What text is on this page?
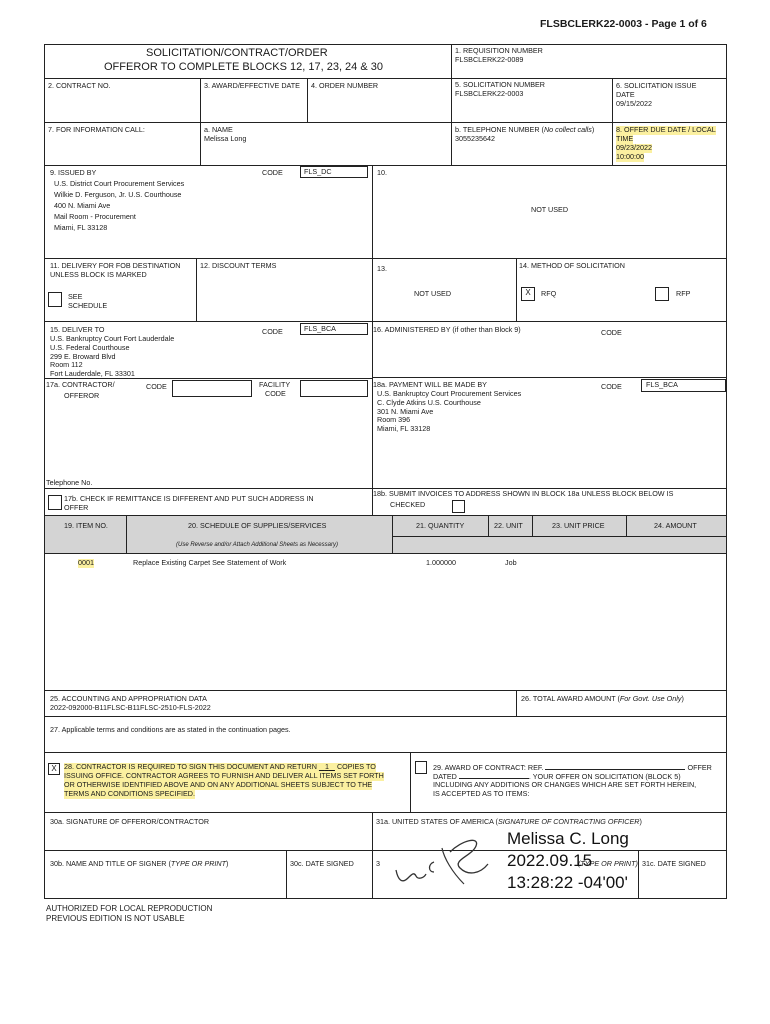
FLSBCLERK22-0003 - Page 1 of 6
SOLICITATION/CONTRACT/ORDER
OFFEROR TO COMPLETE BLOCKS 12, 17, 23, 24 & 30
1. REQUISITION NUMBER
FLSBCLERK22-0089
2. CONTRACT NO.	3. AWARD/EFFECTIVE DATE 4. ORDER NUMBER	5. SOLICITATION NUMBER
FLSBCLERK22-0003
6. SOLICITATION ISSUE
DATE
09/15/2022
7. FOR INFORMATION CALL:	a. NAME
Melissa Long
b. TELEPHONE NUMBER (No collect calls)
3055235642
8. OFFER DUE DATE / LOCAL
TIME
09/23/2022
10:00:00
9. ISSUED BY	CODE	FLS_DC
U.S. District Court Procurement Services
Wilkie D. Ferguson, Jr. U.S. Courthouse
400 N. Miami Ave
Mail Room - Procurement
Miami, FL 33128
10.
NOT USED
11. DELIVERY FOR FOB DESTINATION
UNLESS BLOCK IS MARKED
SEE
SCHEDULE
12. DISCOUNT TERMS	13.
NOT USED
14. METHOD OF SOLICITATION
X	RFQ	RFP
15. DELIVER TO	CODE	FLS_BCA
U.S. Bankruptcy Court Fort Lauderdale
U.S. Federal Courthouse
299 E. Broward Blvd
Room 112
Fort Lauderdale, FL 33301
16. ADMINISTERED BY (if other than Block 9)	CODE
17a. CONTRACTOR/
OFFEROR
CODE	FACILITY
CODE
Telephone No.
18a. PAYMENT WILL BE MADE BY	CODE	FLS_BCA
U.S. Bankruptcy Court Procurement Services
C. Clyde Atkins U.S. Courthouse
301 N. Miami Ave
Room 396
Miami, FL 33128
17b. CHECK IF REMITTANCE IS DIFFERENT AND PUT SUCH ADDRESS IN
OFFER
18b. SUBMIT INVOICES TO ADDRESS SHOWN IN BLOCK 18a UNLESS BLOCK BELOW IS
CHECKED
19. ITEM NO.	20. SCHEDULE OF SUPPLIES/SERVICES	21. QUANTITY	22. UNIT	23. UNIT PRICE	24. AMOUNT
(Use Reverse and/or Attach Additional Sheets as Necessary)
0001	Replace Existing Carpet See Statement of Work	1.000000	Job
25. ACCOUNTING AND APPROPRIATION DATA
2022-092000-B11FLSC-B11FLSC-2510-FLS-2022
26. TOTAL AWARD AMOUNT (For Govt. Use Only)
27. Applicable terms and conditions are as stated in the continuation pages.
X	28. CONTRACTOR IS REQUIRED TO SIGN THIS DOCUMENT AND RETURN 1 COPIES TO
ISSUING OFFICE. CONTRACTOR AGREES TO FURNISH AND DELIVER ALL ITEMS SET FORTH
OR OTHERWISE IDENTIFIED ABOVE AND ON ANY ADDITIONAL SHEETS SUBJECT TO THE
TERMS AND CONDITIONS SPECIFIED.
29. AWARD OF CONTRACT: REF.	OFFER
DATED	. YOUR OFFER ON SOLICITATION (BLOCK 5)
INCLUDING ANY ADDITIONS OR CHANGES WHICH ARE SET FORTH HEREIN,
IS ACCEPTED AS TO ITEMS:
30a. SIGNATURE OF OFFEROR/CONTRACTOR	31a. UNITED STATES OF AMERICA (SIGNATURE OF CONTRACTING OFFICER)
30b. NAME AND TITLE OF SIGNER (TYPE OR PRINT)	30c. DATE SIGNED	3	(TYPE OR PRINT) 31c. DATE SIGNED
Melissa C. Long
2022.09.15
13:28:22 -04'00'
AUTHORIZED FOR LOCAL REPRODUCTION
PREVIOUS EDITION IS NOT USABLE
